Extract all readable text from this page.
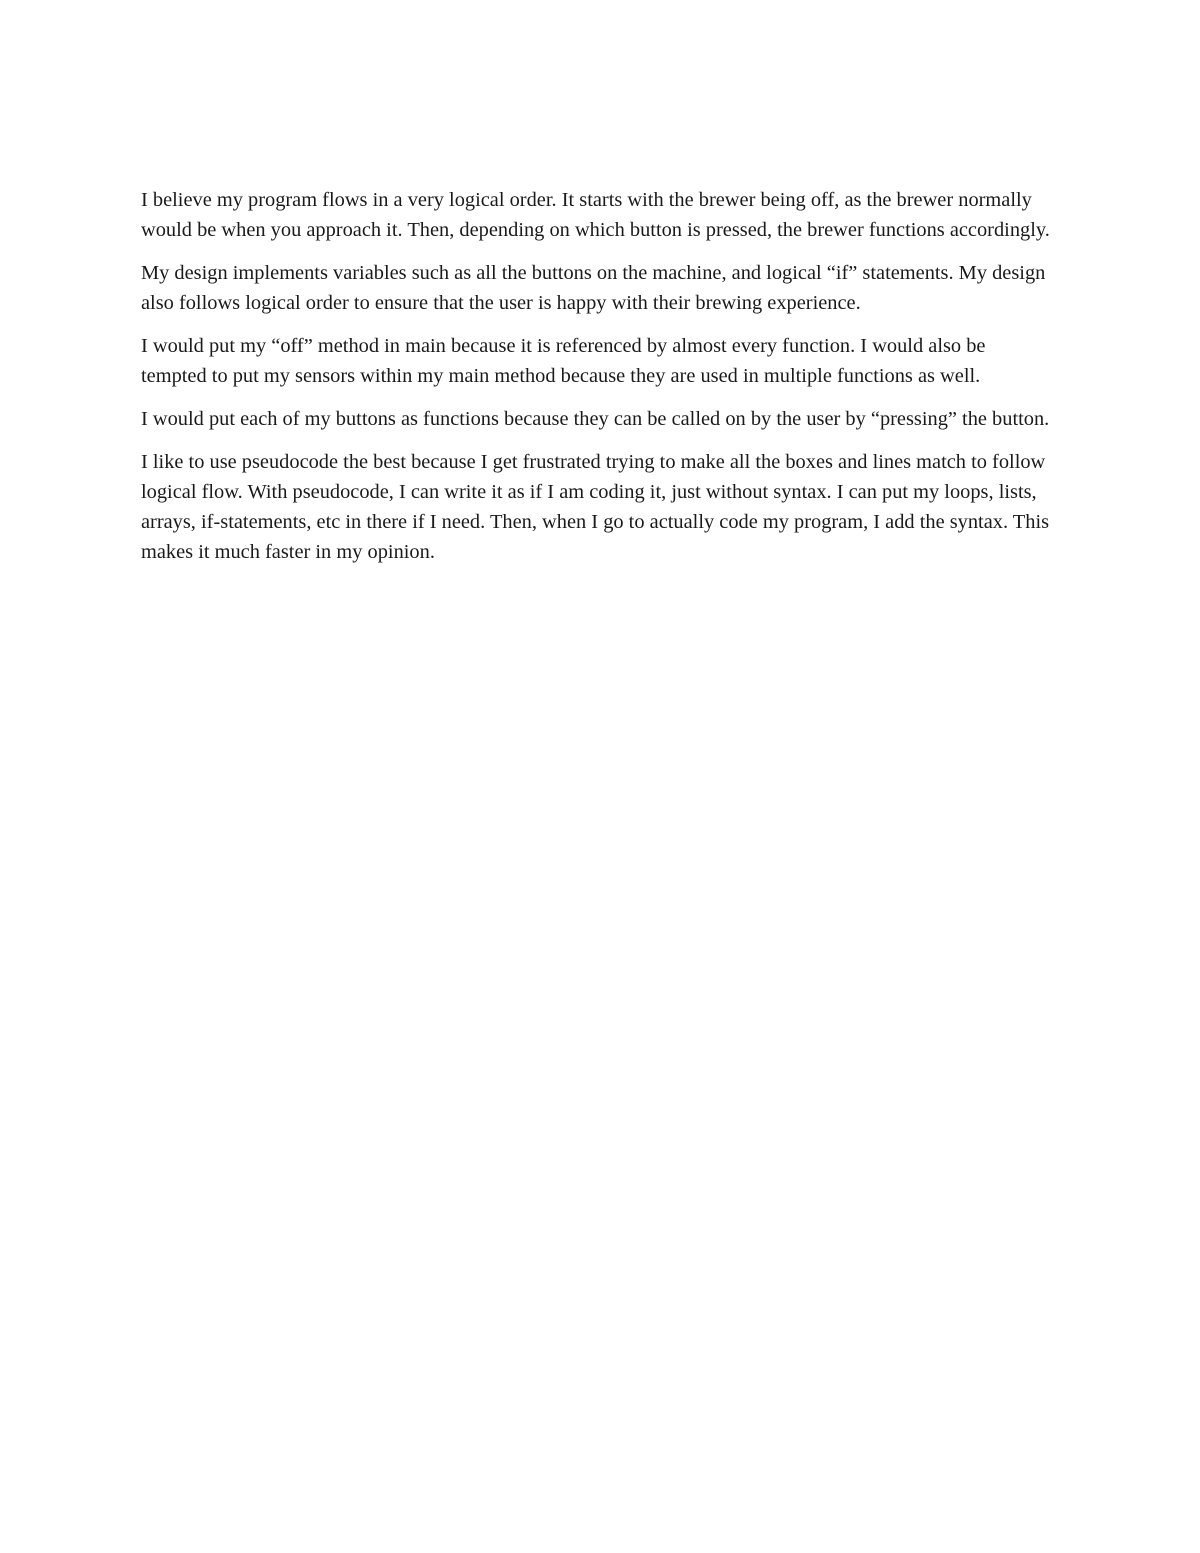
I believe my program flows in a very logical order. It starts with the brewer being off, as the brewer normally would be when you approach it. Then, depending on which button is pressed, the brewer functions accordingly.

My design implements variables such as all the buttons on the machine, and logical “if” statements. My design also follows logical order to ensure that the user is happy with their brewing experience.

I would put my “off” method in main because it is referenced by almost every function. I would also be tempted to put my sensors within my main method because they are used in multiple functions as well.

I would put each of my buttons as functions because they can be called on by the user by “pressing” the button.

I like to use pseudocode the best because I get frustrated trying to make all the boxes and lines match to follow logical flow. With pseudocode, I can write it as if I am coding it, just without syntax. I can put my loops, lists, arrays, if-statements, etc in there if I need. Then, when I go to actually code my program, I add the syntax. This makes it much faster in my opinion.
